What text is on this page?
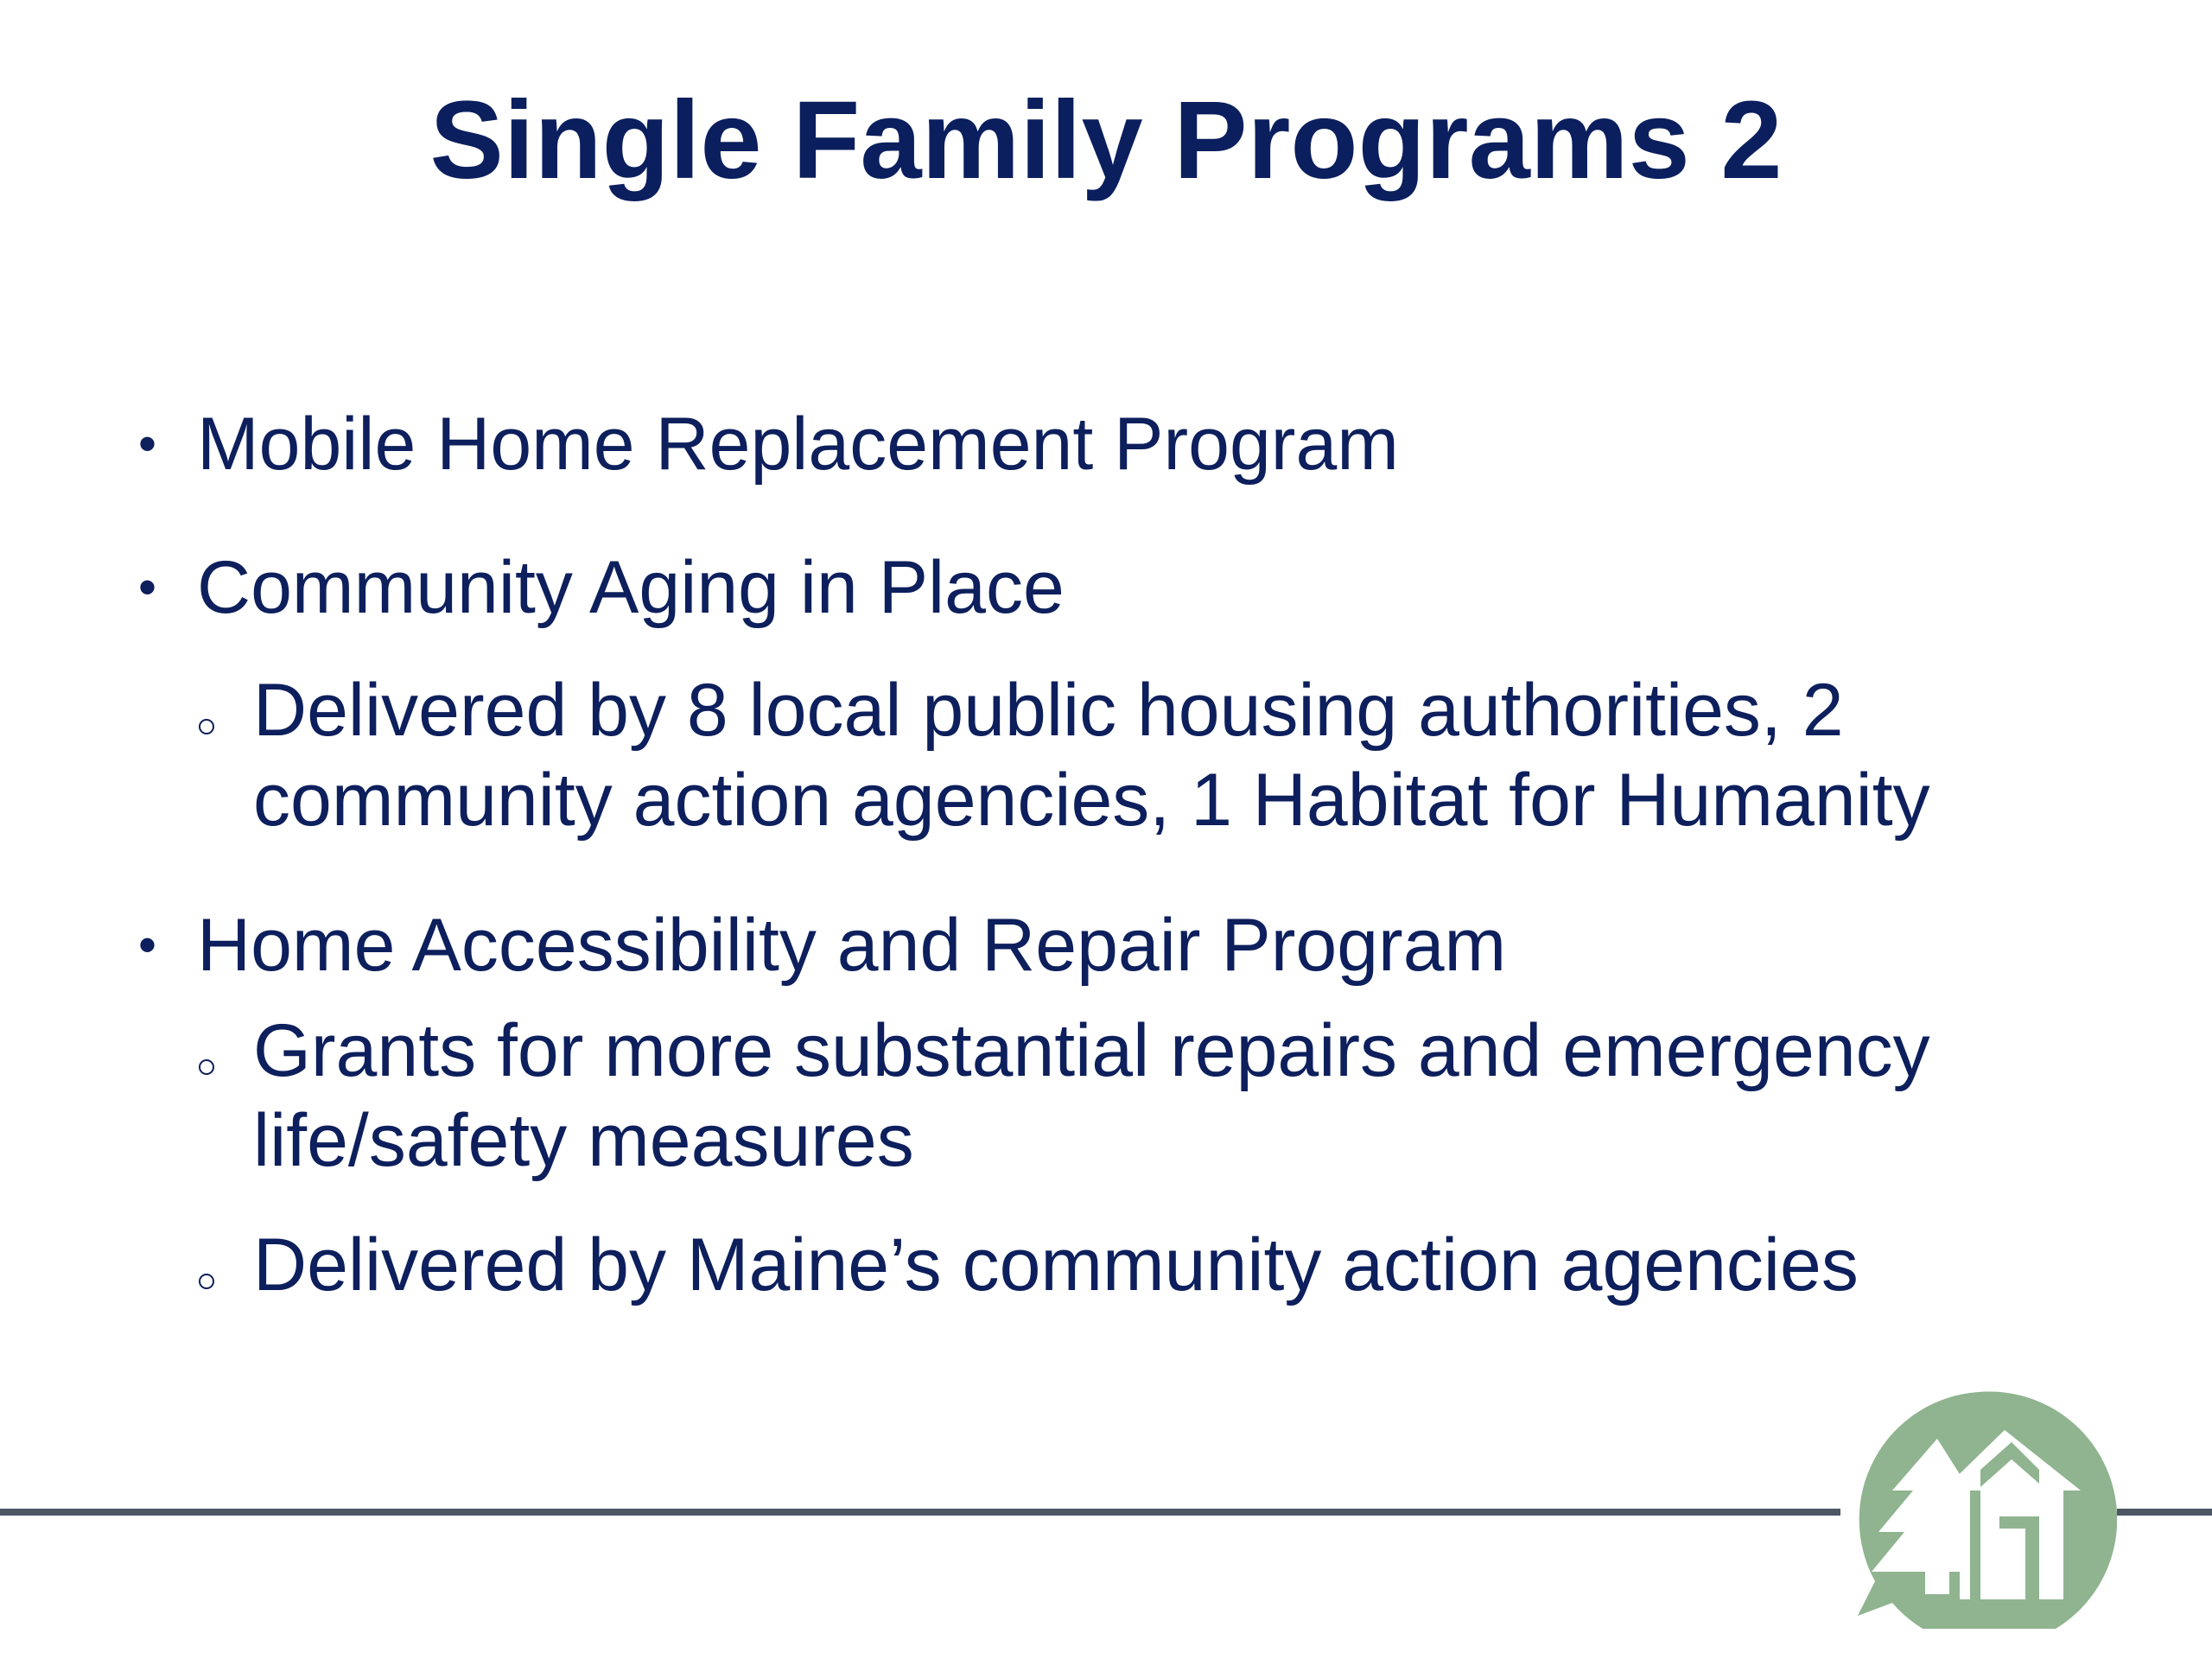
Single Family Programs 2
• Mobile Home Replacement Program
• Community Aging in Place
Delivered by 8 local public housing authorities, 2
community action agencies, 1 Habitat for Humanity
• Home Accessibility and Repair Program
Grants for more substantial repairs and emergency
life/safety measures
Delivered by Maine’s community action agencies
